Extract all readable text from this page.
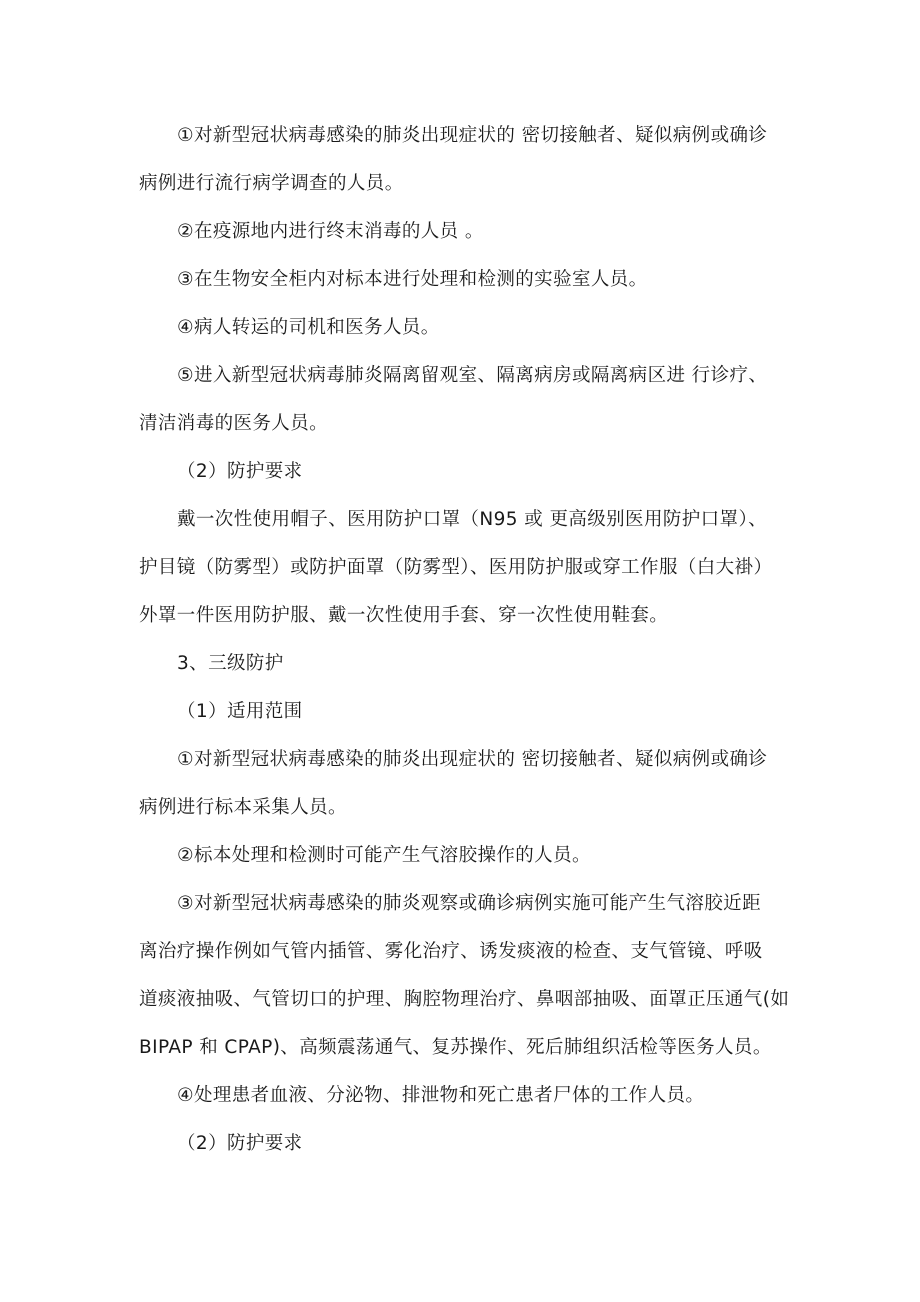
①对新型冠状病毒感染的肺炎出现症状的 密切接触者、疑似病例或确诊
病例进行流行病学调查的人员。
②在疫源地内进行终末消毒的人员 。
③在生物安全柜内对标本进行处理和检测的实验室人员。
④病人转运的司机和医务人员。
⑤进入新型冠状病毒肺炎隔离留观室、隔离病房或隔离病区进 行诊疗、
清洁消毒的医务人员。
（2）防护要求
戴一次性使用帽子、医用防护口罩（N95 或 更高级别医用防护口罩）、
护目镜（防雾型）或防护面罩（防雾型）、医用防护服或穿工作服（白大褂）
外罩一件医用防护服、戴一次性使用手套、穿一次性使用鞋套。
3、三级防护
（1）适用范围
①对新型冠状病毒感染的肺炎出现症状的 密切接触者、疑似病例或确诊
病例进行标本采集人员。
②标本处理和检测时可能产生气溶胶操作的人员。
③对新型冠状病毒感染的肺炎观察或确诊病例实施可能产生气溶胶近距
离治疗操作例如气管内插管、雾化治疗、诱发痰液的检查、支气管镜、呼吸
道痰液抽吸、气管切口的护理、胸腔物理治疗、鼻咽部抽吸、面罩正压通气(如
BIPAP 和 CPAP)、高频震荡通气、复苏操作、死后肺组织活检等医务人员。
④处理患者血液、分泌物、排泄物和死亡患者尸体的工作人员。
（2）防护要求
